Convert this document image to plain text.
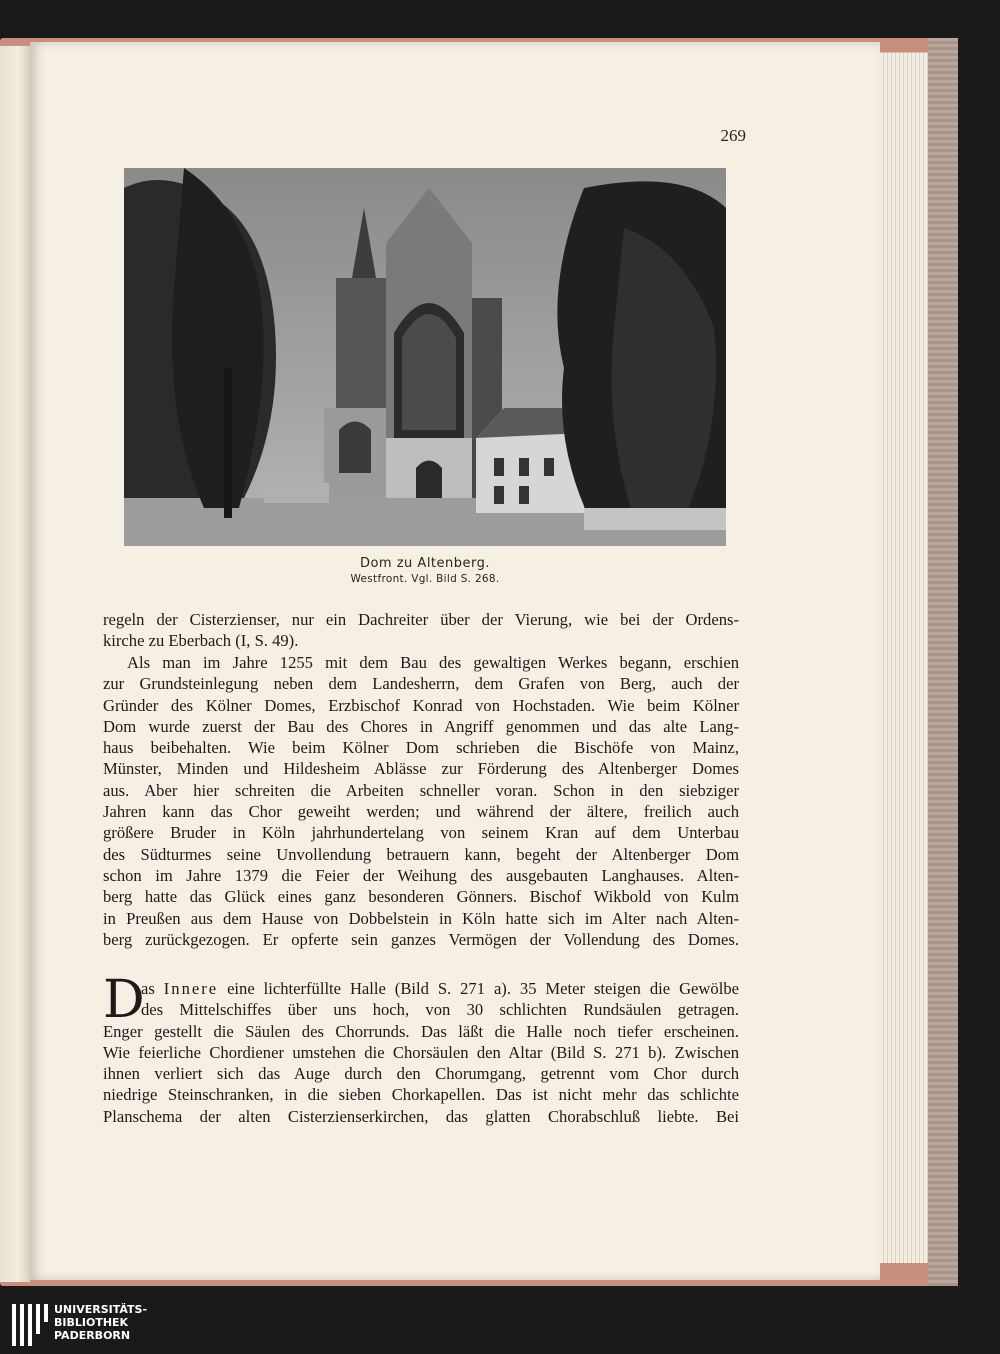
269
Dom zu Altenberg.
Westfront. Vgl. Bild S. 268.
regeln der Cisterzienser, nur ein Dachreiter über der Vierung, wie bei der Ordens-
kirche zu Eberbach (I, S. 49).
Als man im Jahre 1255 mit dem Bau des gewaltigen Werkes begann, erschien
zur Grundsteinlegung neben dem Landesherrn, dem Grafen von Berg, auch der
Gründer des Kölner Domes, Erzbischof Konrad von Hochstaden. Wie beim Kölner
Dom wurde zuerst der Bau des Chores in Angriff genommen und das alte Lang-
haus beibehalten. Wie beim Kölner Dom schrieben die Bischöfe von Mainz,
Münster, Minden und Hildesheim Ablässe zur Förderung des Altenberger Domes
aus. Aber hier schreiten die Arbeiten schneller voran. Schon in den siebziger
Jahren kann das Chor geweiht werden; und während der ältere, freilich auch
größere Bruder in Köln jahrhundertelang von seinem Kran auf dem Unterbau
des Südturmes seine Unvollendung betrauern kann, begeht der Altenberger Dom
schon im Jahre 1379 die Feier der Weihung des ausgebauten Langhauses. Alten-
berg hatte das Glück eines ganz besonderen Gönners. Bischof Wikbold von Kulm
in Preußen aus dem Hause von Dobbelstein in Köln hatte sich im Alter nach Alten-
berg zurückgezogen. Er opferte sein ganzes Vermögen der Vollendung des Domes.
D
as Innere eine lichterfüllte Halle (Bild S. 271 a). 35 Meter steigen die Gewölbe
des Mittelschiffes über uns hoch, von 30 schlichten Rundsäulen getragen.
Enger gestellt die Säulen des Chorrunds. Das läßt die Halle noch tiefer erscheinen.
Wie feierliche Chordiener umstehen die Chorsäulen den Altar (Bild S. 271 b). Zwischen
ihnen verliert sich das Auge durch den Chorumgang, getrennt vom Chor durch
niedrige Steinschranken, in die sieben Chorkapellen. Das ist nicht mehr das schlichte
Planschema der alten Cisterzienserkirchen, das glatten Chorabschluß liebte. Bei
UNIVERSITÄTS-
BIBLIOTHEK
PADERBORN
